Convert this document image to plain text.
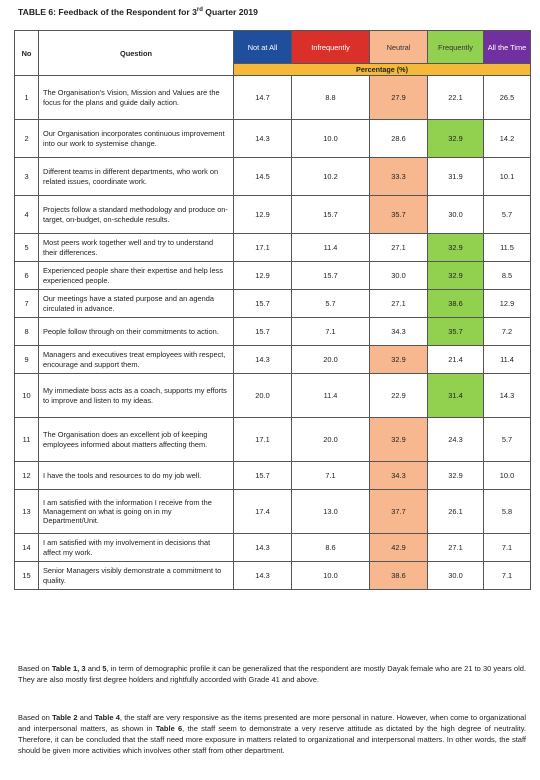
TABLE 6: Feedback of the Respondent for 3rd Quarter 2019
No	Question	Not at All	Infrequently	Neutral	Frequently	All the Time
		Percentage (%)				
1	The Organisation's Vision, Mission and Values are the focus for the plans and guide daily action.	14.7	8.8	27.9	22.1	26.5
2	Our Organisation incorporates continuous improvement into our work to systemise change.	14.3	10.0	28.6	32.9	14.2
3	Different teams in different departments, who work on related issues, coordinate work.	14.5	10.2	33.3	31.9	10.1
4	Projects follow a standard methodology and produce on-target, on-budget, on-schedule results.	12.9	15.7	35.7	30.0	5.7
5	Most peers work together well and try to understand their differences.	17.1	11.4	27.1	32.9	11.5
6	Experienced people share their expertise and help less experienced people.	12.9	15.7	30.0	32.9	8.5
7	Our meetings have a stated purpose and an agenda circulated in advance.	15.7	5.7	27.1	38.6	12.9
8	People follow through on their commitments to action.	15.7	7.1	34.3	35.7	7.2
9	Managers and executives treat employees with respect, encourage and support them.	14.3	20.0	32.9	21.4	11.4
10	My immediate boss acts as a coach, supports my efforts to improve and listen to my ideas.	20.0	11.4	22.9	31.4	14.3
11	The Organisation does an excellent job of keeping employees informed about matters affecting them.	17.1	20.0	32.9	24.3	5.7
12	I have the tools and resources to do my job well.	15.7	7.1	34.3	32.9	10.0
13	I am satisfied with the information I receive from the Management on what is going on in my Department/Unit.	17.4	13.0	37.7	26.1	5.8
14	I am satisfied with my involvement in decisions that affect my work.	14.3	8.6	42.9	27.1	7.1
15	Senior Managers visibly demonstrate a commitment to quality.	14.3	10.0	38.6	30.0	7.1
Based on Table 1, 3 and 5, in term of demographic profile it can be generalized that the respondent are mostly Dayak female who are 21 to 30 years old. They are also mostly first degree holders and rightfully accorded with Grade 41 and above.
Based on Table 2 and Table 4, the staff are very responsive as the items presented are more personal in nature. However, when come to organizational and interpersonal matters, as shown in Table 6, the staff seem to demonstrate a very reserve attitude as dictated by the high degree of neutrality. Therefore, it can be concluded that the staff need more exposure in matters related to organizational and interpersonal matters. In other words, the staff should be given more activities which involves other staff from other department.
